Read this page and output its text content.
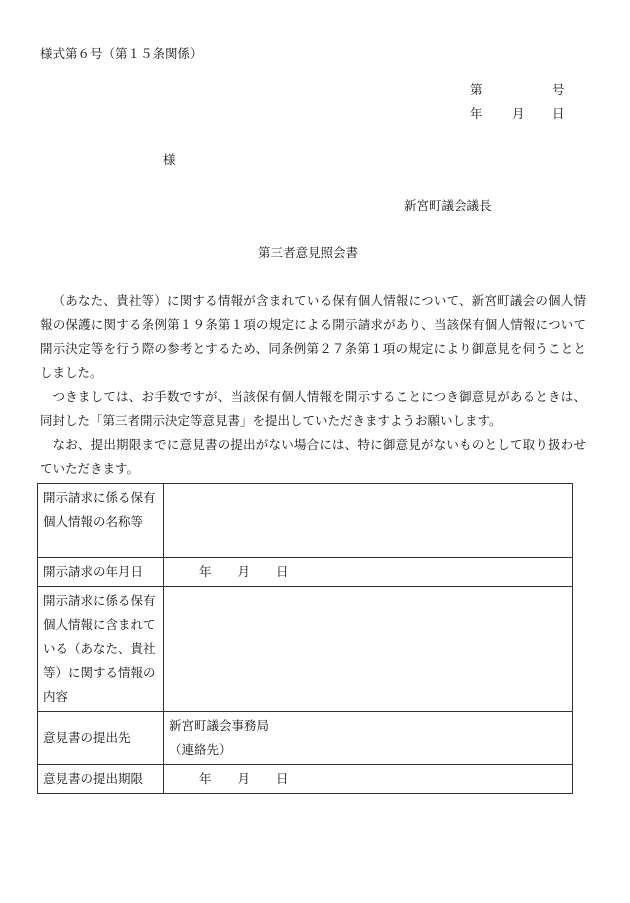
様式第６号（第１５条関係）
第	号
年 月 日
様
新宮町議会議長
第三者意見照会書

（あなた、貴社等）に関する情報が含まれている保有個人情報について、新宮町議会の個人情報の保護に関する条例第１９条第１項の規定による開示請求があり、当該保有個人情報について開示決定等を行う際の参考とするため、同条例第２７条第１項の規定により御意見を伺うこととしました。

つきましては、お手数ですが、当該保有個人情報を開示することにつき御意見があるときは、同封した「第三者開示決定等意見書」を提出していただきますようお願いします。

なお、提出期限までに意見書の提出がない場合には、特に御意見がないものとして取り扱わせていただきます。

開示請求に係る保有個人情報の名称等	
開示請求の年月日	年 月 日
開示請求に係る保有個人情報に含まれている（あなた、貴社等）に関する情報の内容	
意見書の提出先	新宮町議会事務局
（連絡先）

意見書の提出期限	年 月 日
